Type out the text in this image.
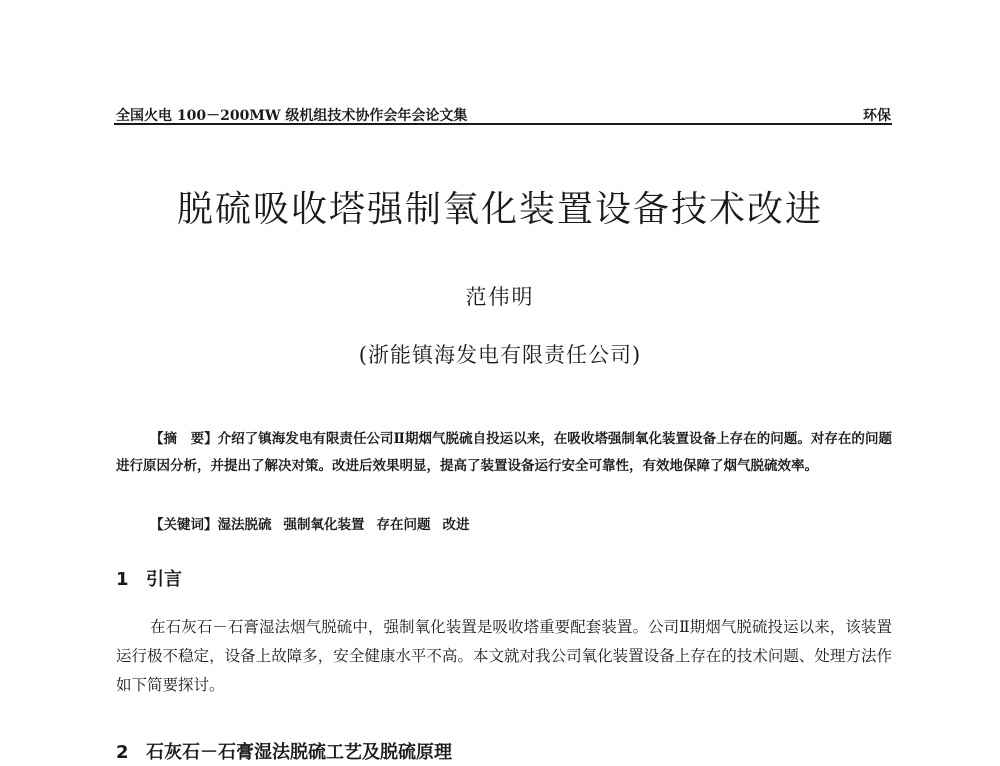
全国火电 100－200MW 级机组技术协作会年会论文集	环保
脱硫吸收塔强制氧化装置设备技术改进
范伟明
(浙能镇海发电有限责任公司)
【摘　要】介绍了镇海发电有限责任公司Ⅱ期烟气脱硫自投运以来，在吸收塔强制氧化装置设备上存在的问题。对存在的问题进行原因分析，并提出了解决对策。改进后效果明显，提高了装置设备运行安全可靠性，有效地保障了烟气脱硫效率。
【关键词】湿法脱硫 强制氧化装置 存在问题 改进
1 引言
在石灰石－石膏湿法烟气脱硫中，强制氧化装置是吸收塔重要配套装置。公司Ⅱ期烟气脱硫投运以来，该装置运行极不稳定，设备上故障多，安全健康水平不高。本文就对我公司氧化装置设备上存在的技术问题、处理方法作如下简要探讨。
2 石灰石－石膏湿法脱硫工艺及脱硫原理
